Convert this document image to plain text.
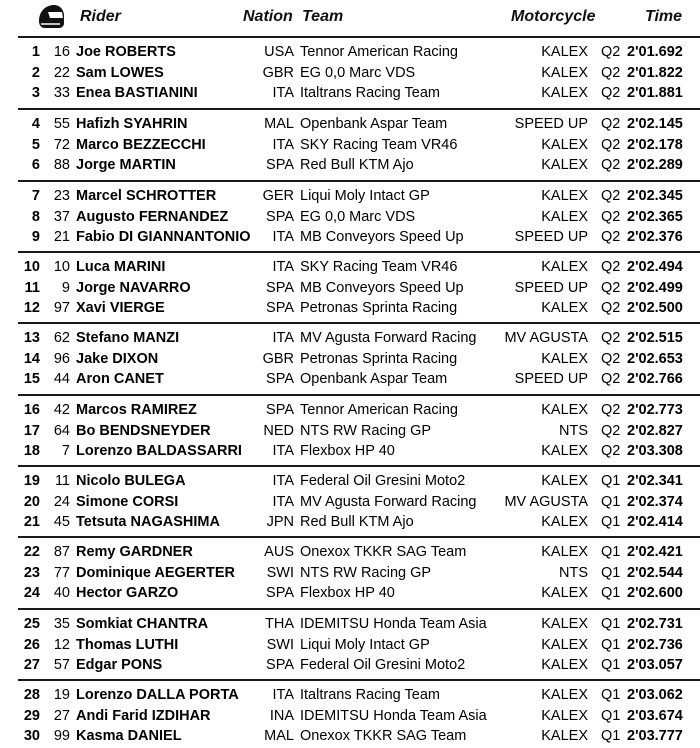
Rider	Nation Team	Motorcycle	Time
1 16 Joe ROBERTS	USA Tennor American Racing	KALEX Q2 2'01.692
2 22 Sam LOWES	GBR EG 0,0 Marc VDS	KALEX Q2 2'01.822
3 33 Enea BASTIANINI	ITA Italtrans Racing Team	KALEX Q2 2'01.881
4 55 Hafizh SYAHRIN	MAL Openbank Aspar Team	SPEED UP Q2 2'02.145
5 72 Marco BEZZECCHI	ITA SKY Racing Team VR46	KALEX Q2 2'02.178
6 88 Jorge MARTIN	SPA Red Bull KTM Ajo	KALEX Q2 2'02.289
7 23 Marcel SCHROTTER	GER Liqui Moly Intact GP	KALEX Q2 2'02.345
8 37 Augusto FERNANDEZ	SPA EG 0,0 Marc VDS	KALEX Q2 2'02.365
9 21 Fabio DI GIANNANTONIO	ITA MB Conveyors Speed Up	SPEED UP Q2 2'02.376
10 10 Luca MARINI	ITA SKY Racing Team VR46	KALEX Q2 2'02.494
11	9 Jorge NAVARRO	SPA MB Conveyors Speed Up	SPEED UP Q2 2'02.499
12 97 Xavi VIERGE	SPA Petronas Sprinta Racing	KALEX Q2 2'02.500
13 62 Stefano MANZI	ITA MV Agusta Forward Racing	MV AGUSTA Q2 2'02.515
14 96 Jake DIXON	GBR Petronas Sprinta Racing	KALEX Q2 2'02.653
15 44 Aron CANET	SPA Openbank Aspar Team	SPEED UP Q2 2'02.766
16 42 Marcos RAMIREZ	SPA Tennor American Racing	KALEX Q2 2'02.773
17 64 Bo BENDSNEYDER	NED NTS RW Racing GP	NTS Q2 2'02.827
18	7 Lorenzo BALDASSARRI	ITA Flexbox HP 40	KALEX Q2 2'03.308
19	11 Nicolo BULEGA	ITA Federal Oil Gresini Moto2	KALEX Q1 2'02.341
20 24 Simone CORSI	ITA MV Agusta Forward Racing	MV AGUSTA Q1 2'02.374
21 45 Tetsuta NAGASHIMA	JPN Red Bull KTM Ajo	KALEX Q1 2'02.414
22 87 Remy GARDNER	AUS Onexox TKKR SAG Team	KALEX Q1 2'02.421
23 77 Dominique AEGERTER	SWI NTS RW Racing GP	NTS Q1 2'02.544
24 40 Hector GARZO	SPA Flexbox HP 40	KALEX Q1 2'02.600
25 35 Somkiat CHANTRA	THA IDEMITSU Honda Team Asia	KALEX Q1 2'02.731
26 12 Thomas LUTHI	SWI Liqui Moly Intact GP	KALEX Q1 2'02.736
27 57 Edgar PONS	SPA Federal Oil Gresini Moto2	KALEX Q1 2'03.057
28 19 Lorenzo DALLA PORTA	ITA Italtrans Racing Team	KALEX Q1 2'03.062
29 27 Andi Farid IZDIHAR	INA IDEMITSU Honda Team Asia	KALEX Q1 2'03.674
30 99 Kasma DANIEL	MAL Onexox TKKR SAG Team	KALEX Q1 2'03.777
